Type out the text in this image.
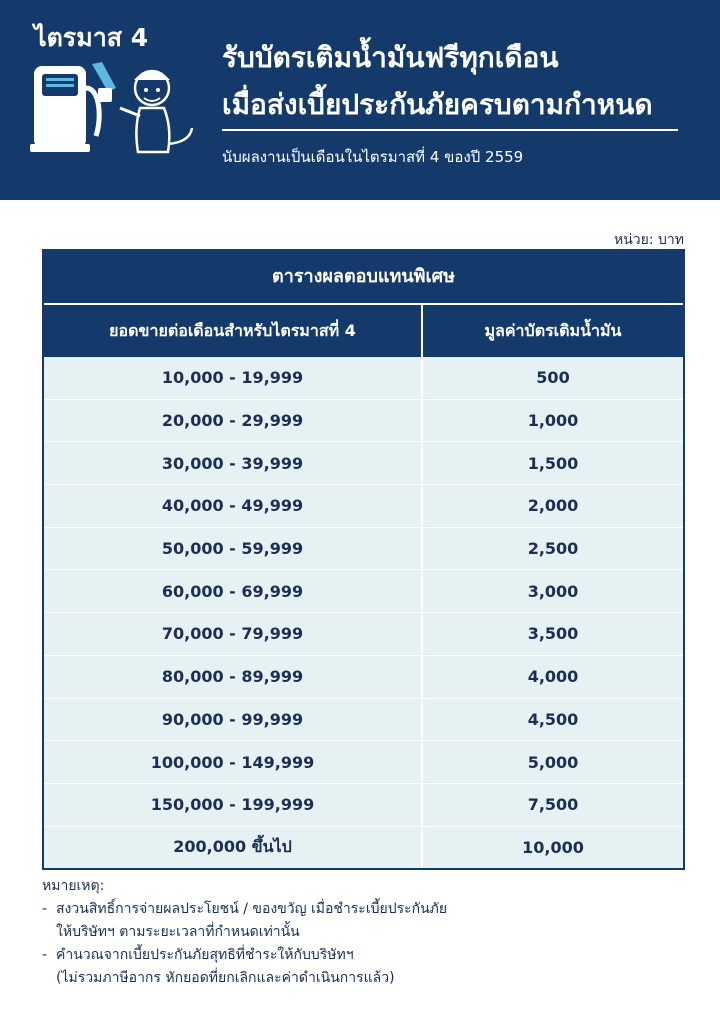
ไตรมาส 4
รับบัตรเติมน้ำมันฟรีทุกเดือน
เมื่อส่งเบี้ยประกันภัยครบตามกำหนด
นับผลงานเป็นเดือนในไตรมาสที่ 4 ของปี 2559
หน่วย: บาท
ตารางผลตอบแทนพิเศษ
ยอดขายต่อเดือนสำหรับไตรมาสที่ 4	มูลค่าบัตรเติมน้ำมัน
10,000 - 19,999	500
20,000 - 29,999	1,000
30,000 - 39,999	1,500
40,000 - 49,999	2,000
50,000 - 59,999	2,500
60,000 - 69,999	3,000
70,000 - 79,999	3,500
80,000 - 89,999	4,000
90,000 - 99,999	4,500
100,000 - 149,999	5,000
150,000 - 199,999	7,500
200,000 ขึ้นไป	10,000
หมายเหตุ:
- สงวนสิทธิ์การจ่ายผลประโยชน์ / ของขวัญ เมื่อชำระเบี้ยประกันภัย
ให้บริษัทฯ ตามระยะเวลาที่กำหนดเท่านั้น
- คำนวณจากเบี้ยประกันภัยสุทธิที่ชำระให้กับบริษัทฯ
(ไม่รวมภาษีอากร หักยอดที่ยกเลิกและค่าดำเนินการแล้ว)
